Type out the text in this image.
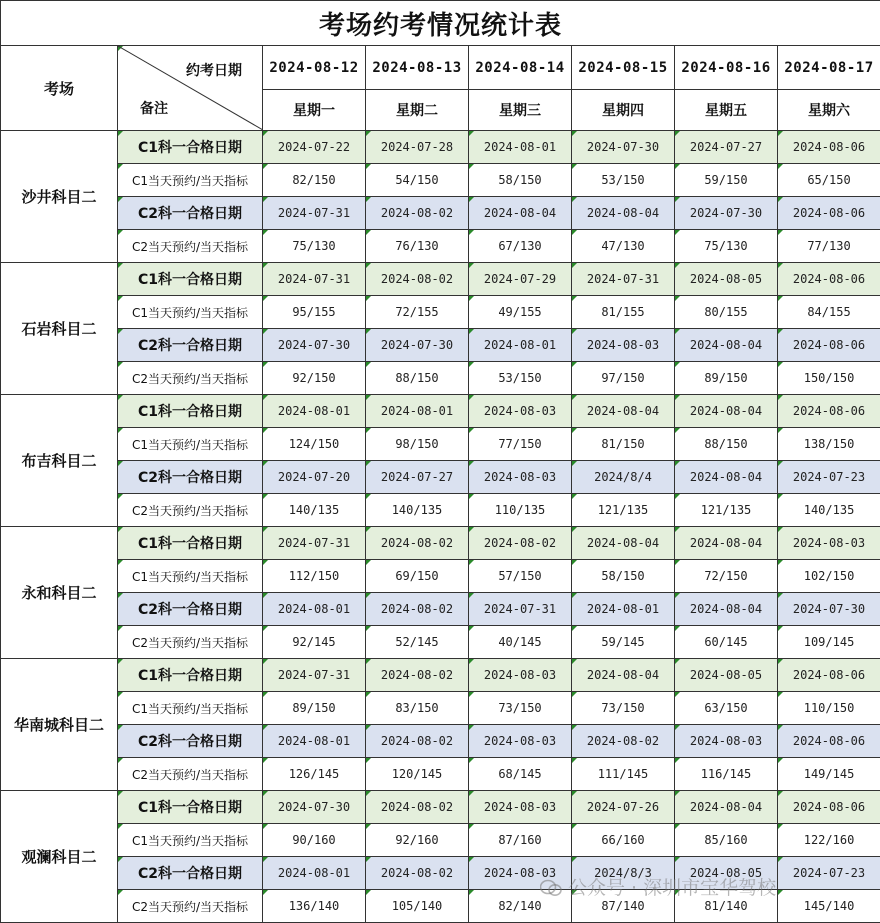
考场约考情况统计表							
考场	约考日期
备注	2024-08-12	2024-08-13	2024-08-14	2024-08-15	2024-08-16	2024-08-17
		星期一	星期二	星期三	星期四	星期五	星期六
沙井科目二	C1科一合格日期	2024-07-22	2024-07-28	2024-08-01	2024-07-30	2024-07-27	2024-08-06
	C1当天预约/当天指标	82/150	54/150	58/150	53/150	59/150	65/150
	C2科一合格日期	2024-07-31	2024-08-02	2024-08-04	2024-08-04	2024-07-30	2024-08-06
	C2当天预约/当天指标	75/130	76/130	67/130	47/130	75/130	77/130
石岩科目二	C1科一合格日期	2024-07-31	2024-08-02	2024-07-29	2024-07-31	2024-08-05	2024-08-06
	C1当天预约/当天指标	95/155	72/155	49/155	81/155	80/155	84/155
	C2科一合格日期	2024-07-30	2024-07-30	2024-08-01	2024-08-03	2024-08-04	2024-08-06
	C2当天预约/当天指标	92/150	88/150	53/150	97/150	89/150	150/150
布吉科目二	C1科一合格日期	2024-08-01	2024-08-01	2024-08-03	2024-08-04	2024-08-04	2024-08-06
	C1当天预约/当天指标	124/150	98/150	77/150	81/150	88/150	138/150
	C2科一合格日期	2024-07-20	2024-07-27	2024-08-03	2024/8/4	2024-08-04	2024-07-23
	C2当天预约/当天指标	140/135	140/135	110/135	121/135	121/135	140/135
永和科目二	C1科一合格日期	2024-07-31	2024-08-02	2024-08-02	2024-08-04	2024-08-04	2024-08-03
	C1当天预约/当天指标	112/150	69/150	57/150	58/150	72/150	102/150
	C2科一合格日期	2024-08-01	2024-08-02	2024-07-31	2024-08-01	2024-08-04	2024-07-30
	C2当天预约/当天指标	92/145	52/145	40/145	59/145	60/145	109/145
华南城科目二	C1科一合格日期	2024-07-31	2024-08-02	2024-08-03	2024-08-04	2024-08-05	2024-08-06
	C1当天预约/当天指标	89/150	83/150	73/150	73/150	63/150	110/150
	C2科一合格日期	2024-08-01	2024-08-02	2024-08-03	2024-08-02	2024-08-03	2024-08-06
	C2当天预约/当天指标	126/145	120/145	68/145	111/145	116/145	149/145
观澜科目二	C1科一合格日期	2024-07-30	2024-08-02	2024-08-03	2024-07-26	2024-08-04	2024-08-06
	C1当天预约/当天指标	90/160	92/160	87/160	66/160	85/160	122/160
	C2科一合格日期	2024-08-01	2024-08-02	2024-08-03	2024/8/3	2024-08-05	2024-07-23
	C2当天预约/当天指标	136/140	105/140	82/140	87/140	81/140	145/140
公众号 · 深圳市宝华驾校
